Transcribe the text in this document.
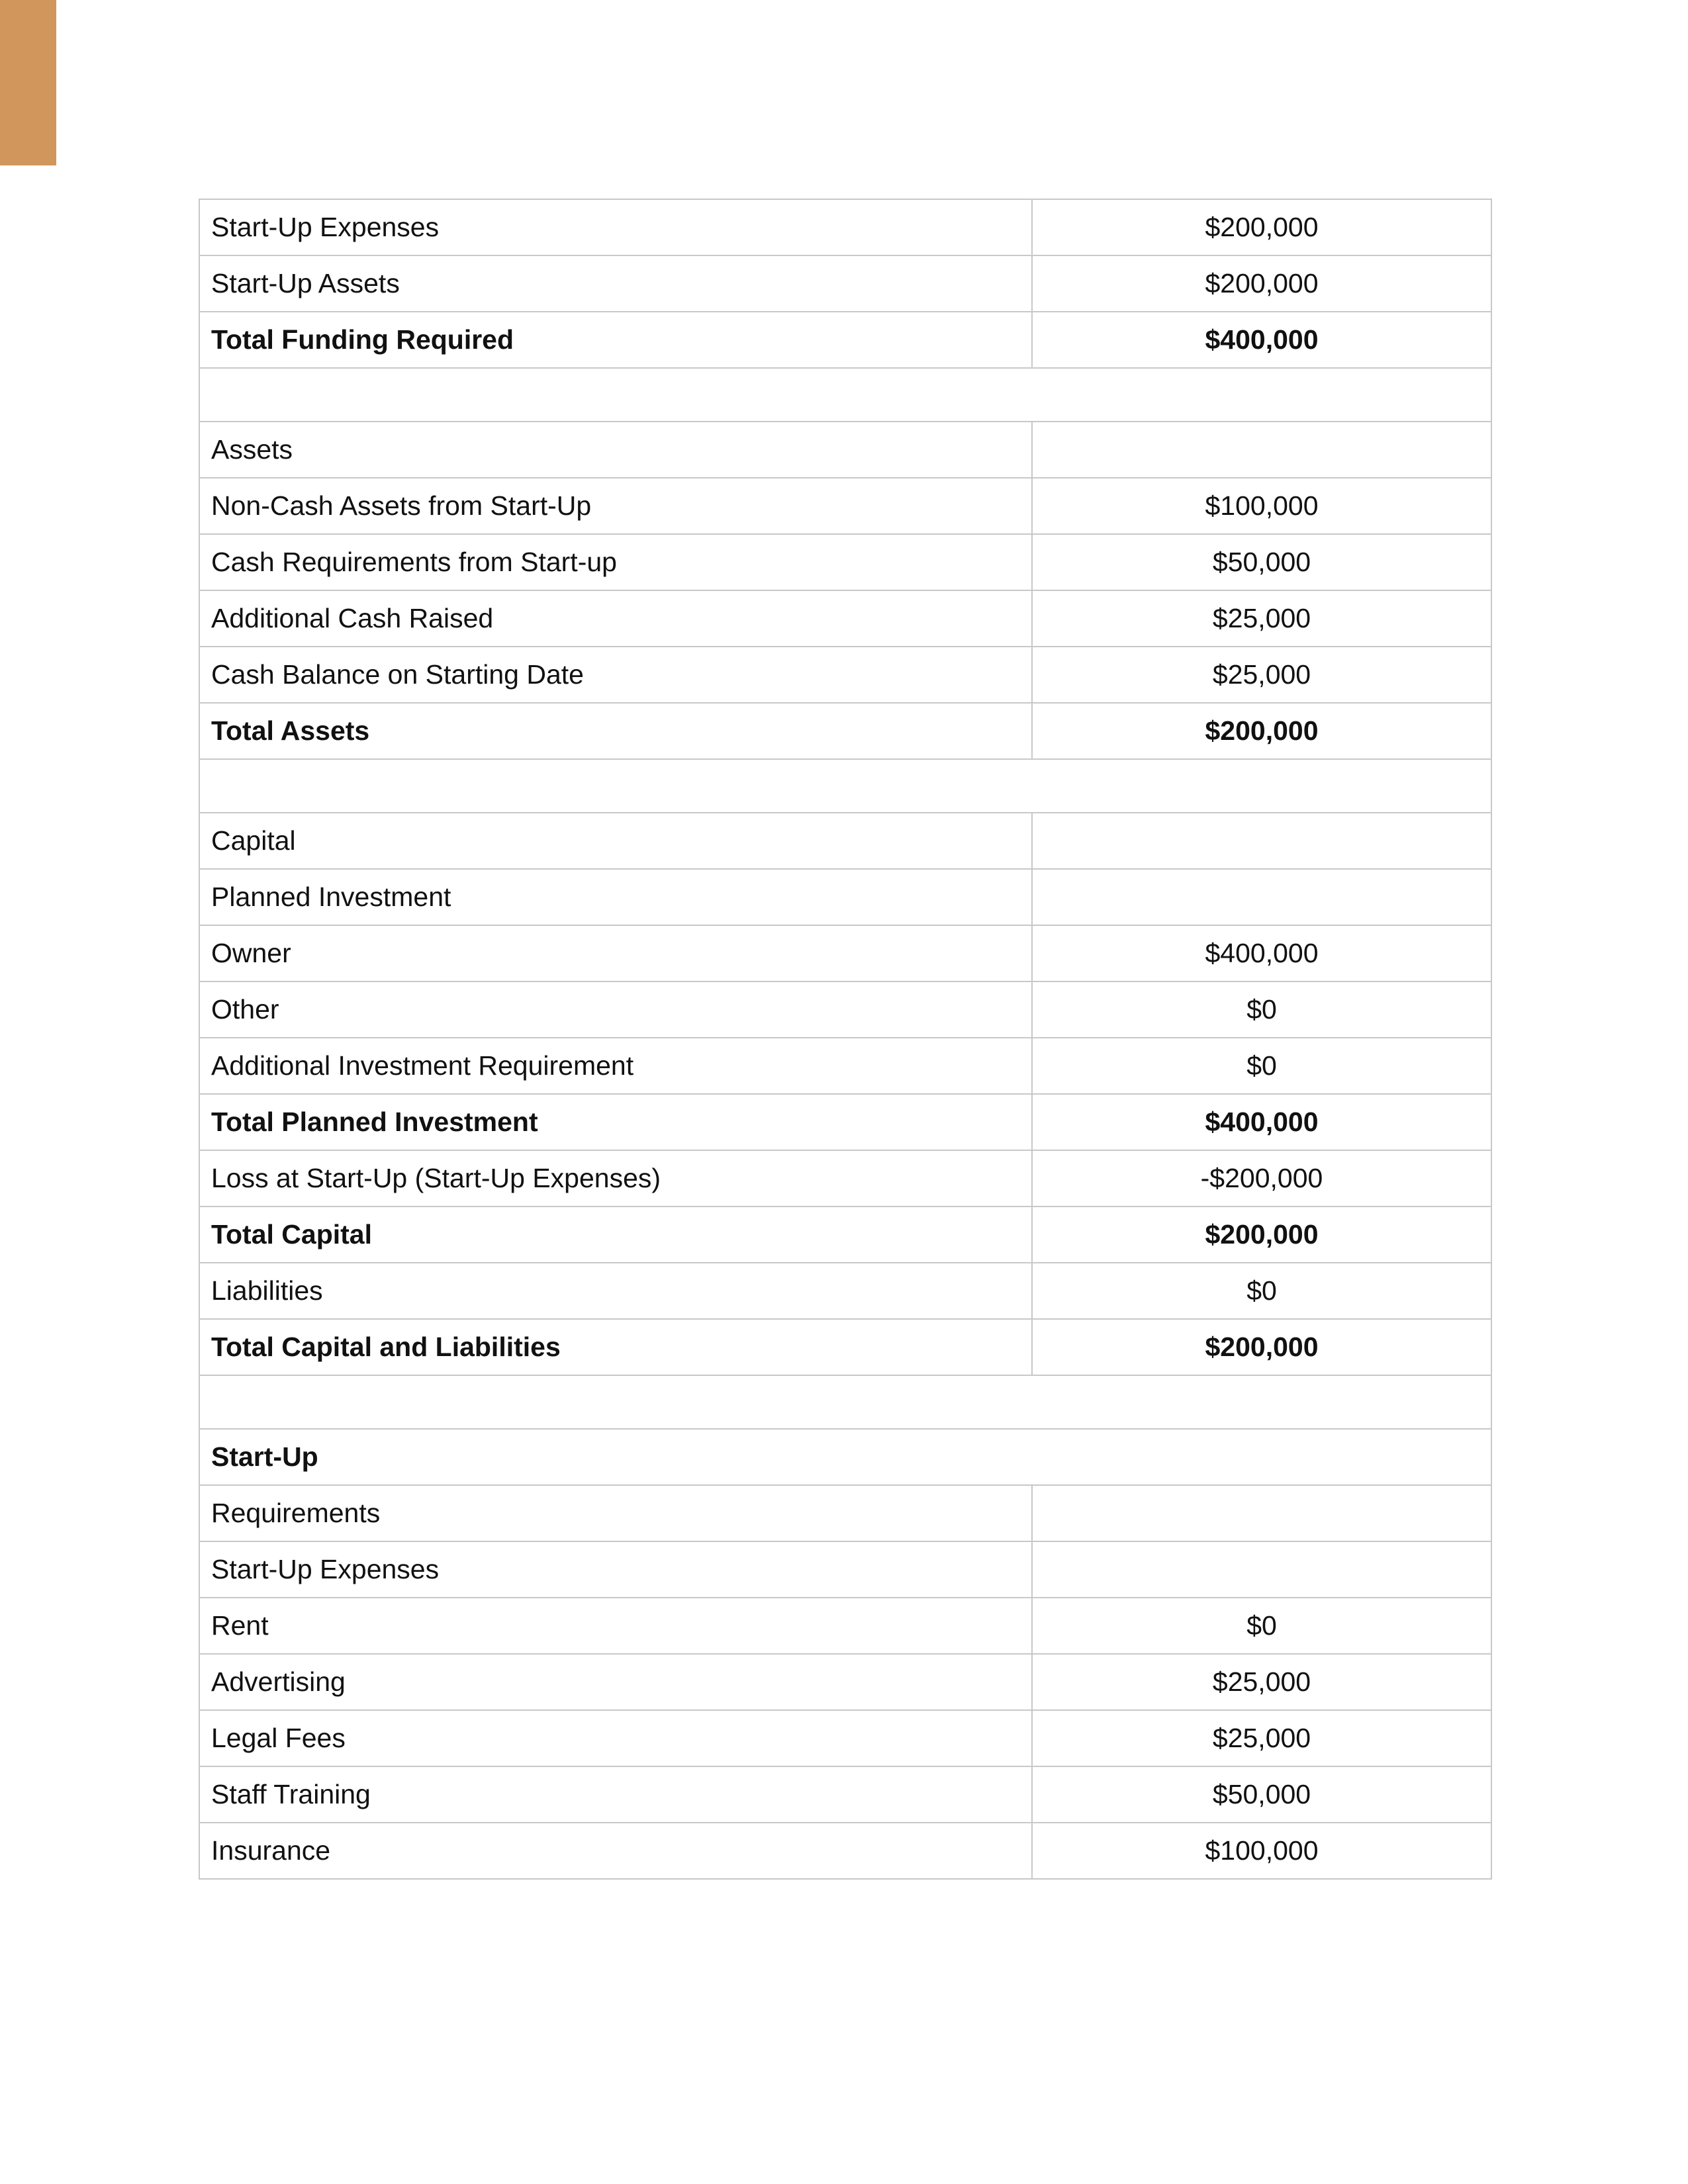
Start-Up Expenses	$200,000
Start-Up Assets	$200,000
Total Funding Required	$400,000

Assets	
Non-Cash Assets from Start-Up	$100,000
Cash Requirements from Start-up	$50,000
Additional Cash Raised	$25,000
Cash Balance on Starting Date	$25,000
Total Assets	$200,000

Capital	
Planned Investment	
Owner	$400,000
Other	$0
Additional Investment Requirement	$0
Total Planned Investment	$400,000
Loss at Start-Up (Start-Up Expenses)	-$200,000
Total Capital	$200,000
Liabilities	$0
Total Capital and Liabilities	$200,000

Start-Up	
Requirements	
Start-Up Expenses	
Rent	$0
Advertising	$25,000
Legal Fees	$25,000
Staff Training	$50,000
Insurance	$100,000
